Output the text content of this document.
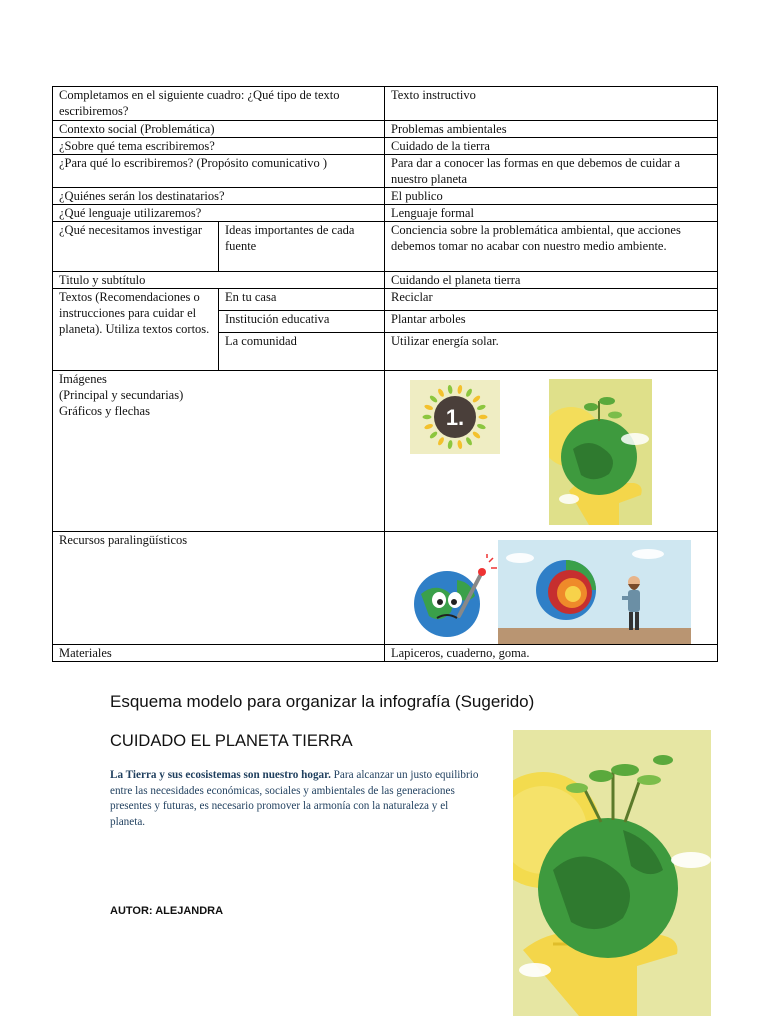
Completamos en el siguiente cuadro: ¿Qué tipo de texto escribiremos?		Texto instructivo
Contexto social (Problemática)		Problemas ambientales
¿Sobre qué tema escribiremos?		Cuidado de la tierra
¿Para qué lo escribiremos? (Propósito comunicativo )		Para dar a conocer las formas en que debemos de cuidar a nuestro planeta
¿Quiénes serán los destinatarios?		El publico
¿Qué lenguaje utilizaremos?		Lenguaje formal
¿Qué necesitamos investigar	Ideas importantes de cada fuente	Conciencia sobre la problemática ambiental, que acciones debemos tomar no acabar con nuestro medio ambiente.
Titulo y subtítulo		Cuidando el planeta tierra
Textos (Recomendaciones o instrucciones para cuidar el planeta). Utiliza textos cortos.	En tu casa	Reciclar
	Institución educativa	Plantar arboles
	La comunidad	Utilizar energía solar.

Imágenes
(Principal y secundarias)
Gráficos y flechas		1.

Recursos paralingüísticos	

Materiales		Lapiceros, cuaderno, goma.
Esquema modelo para organizar la infografía (Sugerido)
CUIDADO EL PLANETA TIERRA

La Tierra y sus ecosistemas son nuestro hogar. Para alcanzar un justo equilibrio entre las necesidades económicas, sociales y ambientales de las generaciones presentes y futuras, es necesario promover la armonía con la naturaleza y el planeta.

AUTOR: ALEJANDRA
